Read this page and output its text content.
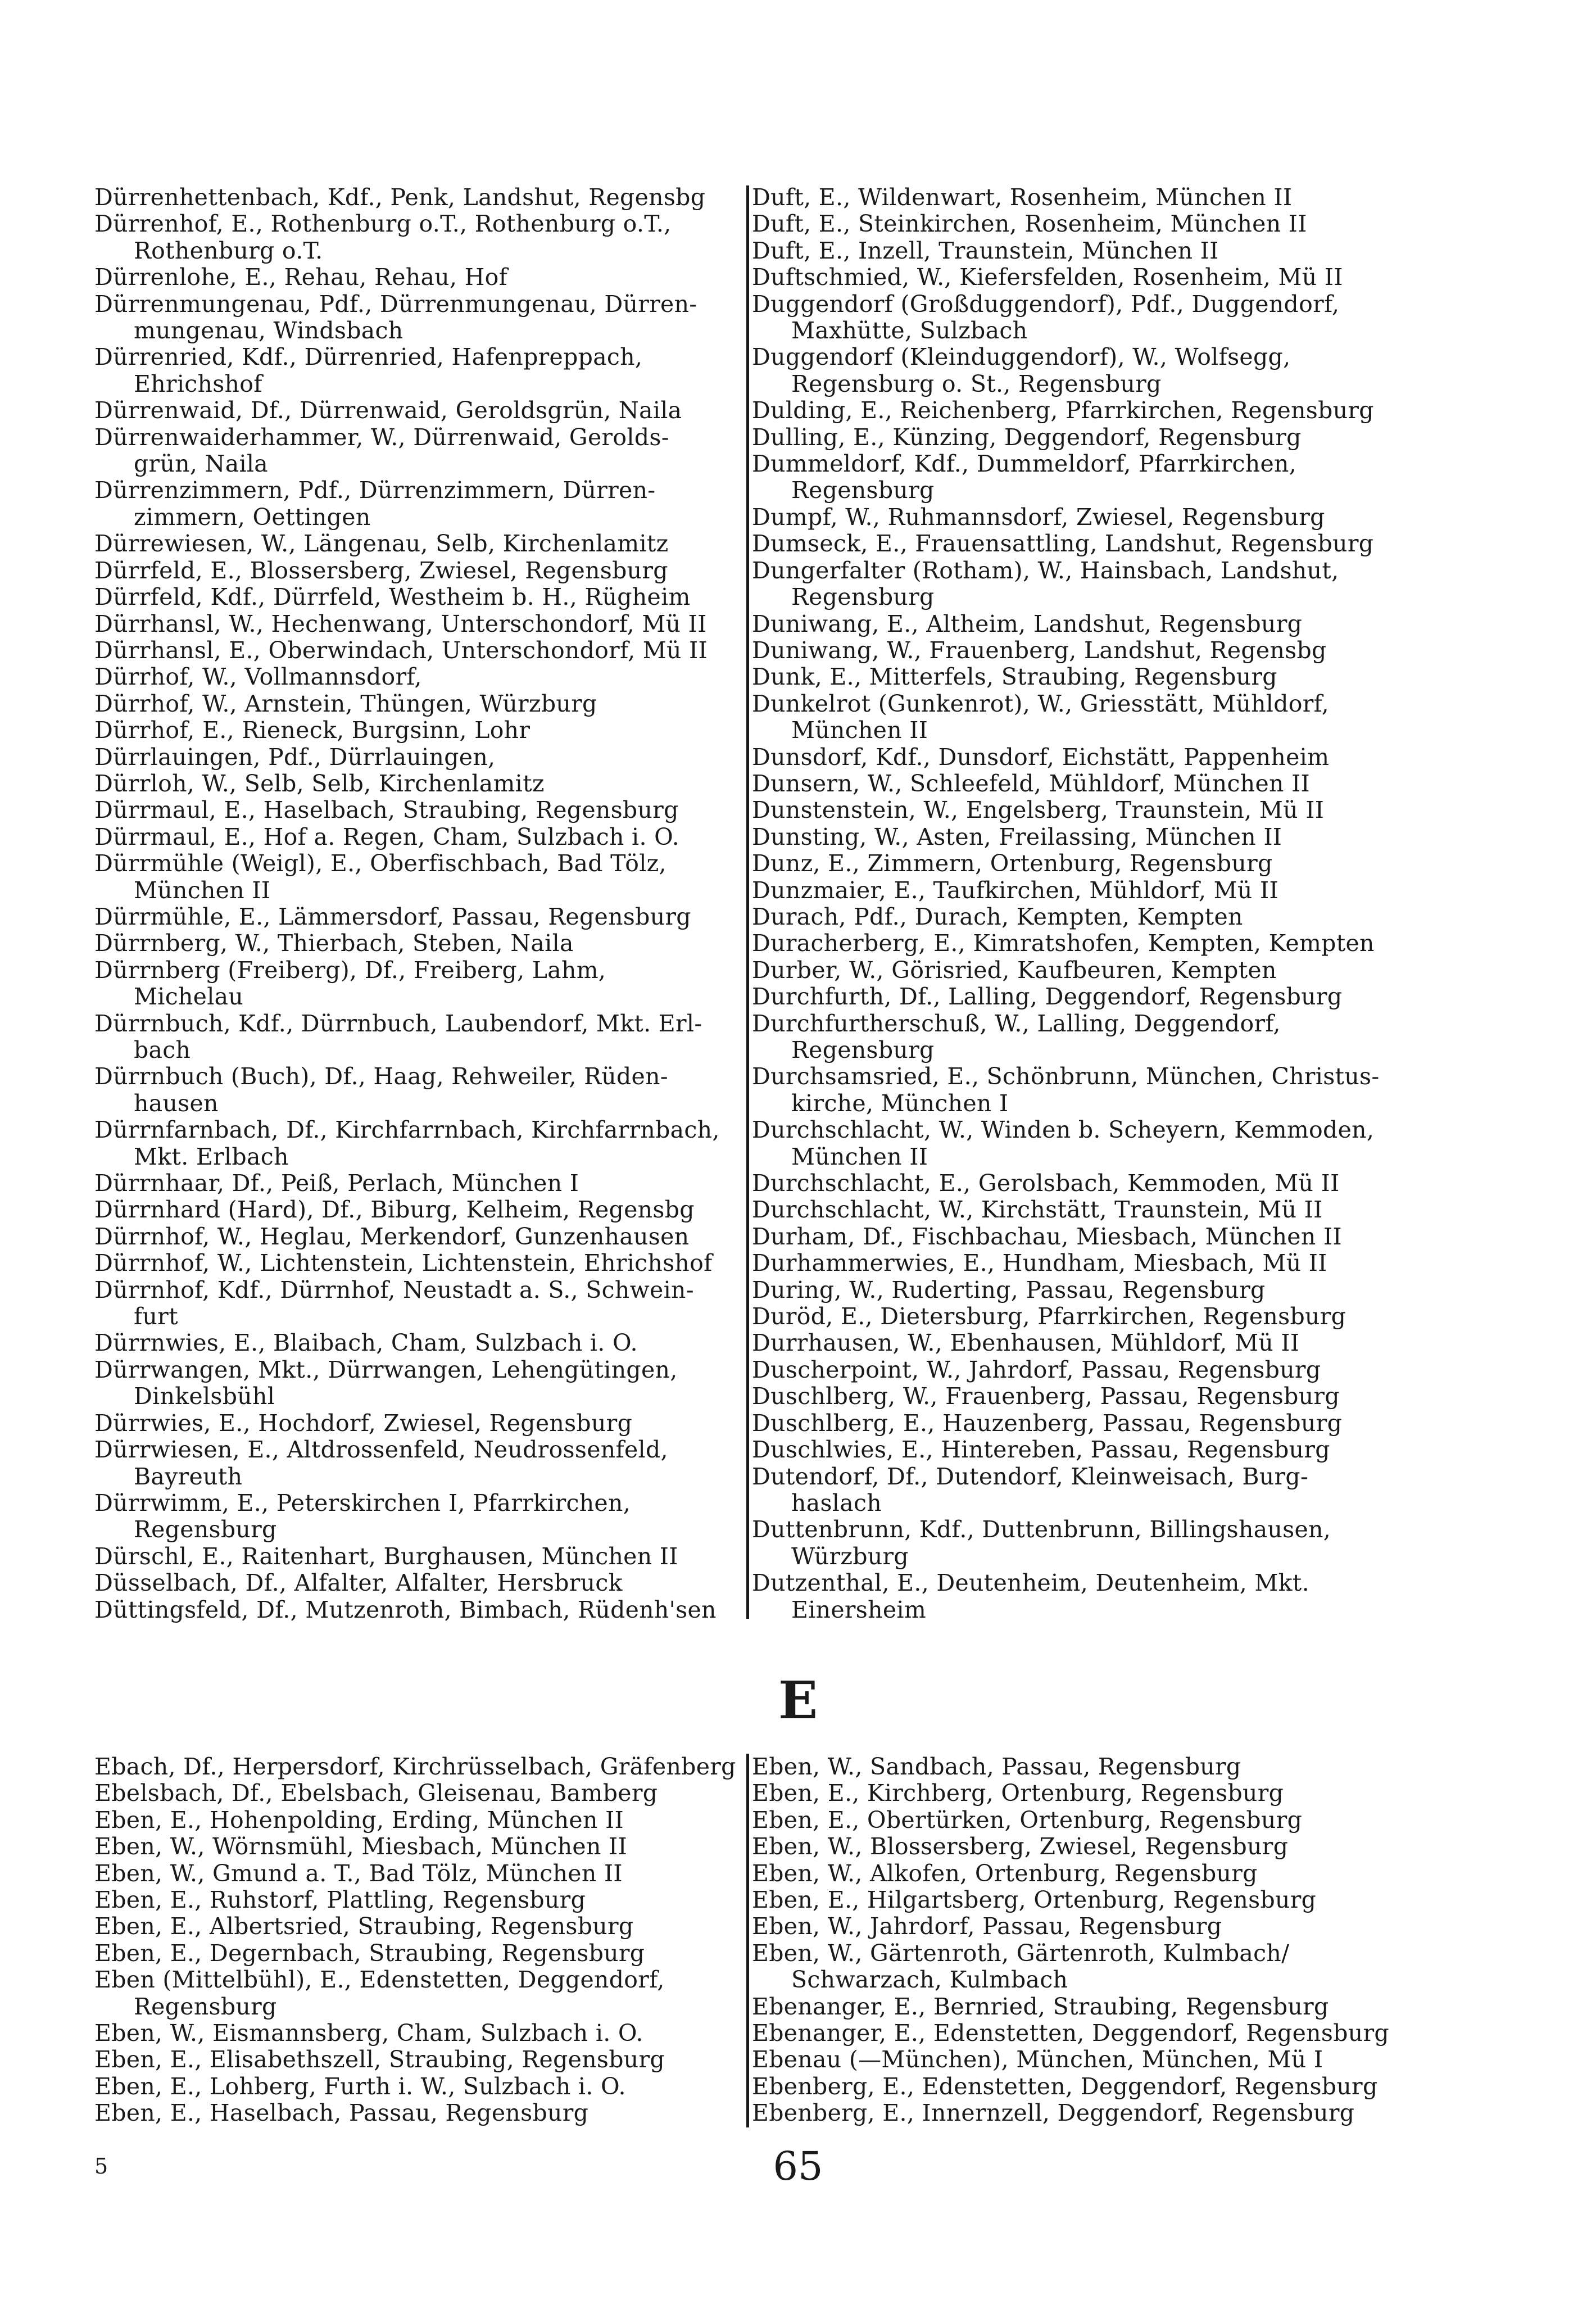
Dürrenhettenbach, Kdf., Penk, Landshut, Regensbg
Dürrenhof, E., Rothenburg o.T., Rothenburg o.T.,
Rothenburg o.T.
Dürrenlohe, E., Rehau, Rehau, Hof
Dürrenmungenau, Pdf., Dürrenmungenau, Dürren-
mungenau, Windsbach
Dürrenried, Kdf., Dürrenried, Hafenpreppach,
Ehrichshof
Dürrenwaid, Df., Dürrenwaid, Geroldsgrün, Naila
Dürrenwaiderhammer, W., Dürrenwaid, Gerolds-
grün, Naila
Dürrenzimmern, Pdf., Dürrenzimmern, Dürren-
zimmern, Oettingen
Dürrewiesen, W., Längenau, Selb, Kirchenlamitz
Dürrfeld, E., Blossersberg, Zwiesel, Regensburg
Dürrfeld, Kdf., Dürrfeld, Westheim b. H., Rügheim
Dürrhansl, W., Hechenwang, Unterschondorf, Mü II
Dürrhansl, E., Oberwindach, Unterschondorf, Mü II
Dürrhof, W., Vollmannsdorf,
Dürrhof, W., Arnstein, Thüngen, Würzburg
Dürrhof, E., Rieneck, Burgsinn, Lohr
Dürrlauingen, Pdf., Dürrlauingen,
Dürrloh, W., Selb, Selb, Kirchenlamitz
Dürrmaul, E., Haselbach, Straubing, Regensburg
Dürrmaul, E., Hof a. Regen, Cham, Sulzbach i. O.
Dürrmühle (Weigl), E., Oberfischbach, Bad Tölz,
München II
Dürrmühle, E., Lämmersdorf, Passau, Regensburg
Dürrnberg, W., Thierbach, Steben, Naila
Dürrnberg (Freiberg), Df., Freiberg, Lahm,
Michelau
Dürrnbuch, Kdf., Dürrnbuch, Laubendorf, Mkt. Erl-
bach
Dürrnbuch (Buch), Df., Haag, Rehweiler, Rüden-
hausen
Dürrnfarnbach, Df., Kirchfarrnbach, Kirchfarrnbach,
Mkt. Erlbach
Dürrnhaar, Df., Peiß, Perlach, München I
Dürrnhard (Hard), Df., Biburg, Kelheim, Regensbg
Dürrnhof, W., Heglau, Merkendorf, Gunzenhausen
Dürrnhof, W., Lichtenstein, Lichtenstein, Ehrichshof
Dürrnhof, Kdf., Dürrnhof, Neustadt a. S., Schwein-
furt
Dürrnwies, E., Blaibach, Cham, Sulzbach i. O.
Dürrwangen, Mkt., Dürrwangen, Lehengütingen,
Dinkelsbühl
Dürrwies, E., Hochdorf, Zwiesel, Regensburg
Dürrwiesen, E., Altdrossenfeld, Neudrossenfeld,
Bayreuth
Dürrwimm, E., Peterskirchen I, Pfarrkirchen,
Regensburg
Dürschl, E., Raitenhart, Burghausen, München II
Düsselbach, Df., Alfalter, Alfalter, Hersbruck
Düttingsfeld, Df., Mutzenroth, Bimbach, Rüdenh'sen
Duft, E., Wildenwart, Rosenheim, München II
Duft, E., Steinkirchen, Rosenheim, München II
Duft, E., Inzell, Traunstein, München II
Duftschmied, W., Kiefersfelden, Rosenheim, Mü II
Duggendorf (Großduggendorf), Pdf., Duggendorf,
Maxhütte, Sulzbach
Duggendorf (Kleinduggendorf), W., Wolfsegg,
Regensburg o. St., Regensburg
Dulding, E., Reichenberg, Pfarrkirchen, Regensburg
Dulling, E., Künzing, Deggendorf, Regensburg
Dummeldorf, Kdf., Dummeldorf, Pfarrkirchen,
Regensburg
Dumpf, W., Ruhmannsdorf, Zwiesel, Regensburg
Dumseck, E., Frauensattling, Landshut, Regensburg
Dungerfalter (Rotham), W., Hainsbach, Landshut,
Regensburg
Duniwang, E., Altheim, Landshut, Regensburg
Duniwang, W., Frauenberg, Landshut, Regensbg
Dunk, E., Mitterfels, Straubing, Regensburg
Dunkelrot (Gunkenrot), W., Griesstätt, Mühldorf,
München II
Dunsdorf, Kdf., Dunsdorf, Eichstätt, Pappenheim
Dunsern, W., Schleefeld, Mühldorf, München II
Dunstenstein, W., Engelsberg, Traunstein, Mü II
Dunsting, W., Asten, Freilassing, München II
Dunz, E., Zimmern, Ortenburg, Regensburg
Dunzmaier, E., Taufkirchen, Mühldorf, Mü II
Durach, Pdf., Durach, Kempten, Kempten
Duracherberg, E., Kimratshofen, Kempten, Kempten
Durber, W., Görisried, Kaufbeuren, Kempten
Durchfurth, Df., Lalling, Deggendorf, Regensburg
Durchfurtherschuß, W., Lalling, Deggendorf,
Regensburg
Durchsamsried, E., Schönbrunn, München, Christus-
kirche, München I
Durchschlacht, W., Winden b. Scheyern, Kemmoden,
München II
Durchschlacht, E., Gerolsbach, Kemmoden, Mü II
Durchschlacht, W., Kirchstätt, Traunstein, Mü II
Durham, Df., Fischbachau, Miesbach, München II
Durhammerwies, E., Hundham, Miesbach, Mü II
During, W., Ruderting, Passau, Regensburg
Duröd, E., Dietersburg, Pfarrkirchen, Regensburg
Durrhausen, W., Ebenhausen, Mühldorf, Mü II
Duscherpoint, W., Jahrdorf, Passau, Regensburg
Duschlberg, W., Frauenberg, Passau, Regensburg
Duschlberg, E., Hauzenberg, Passau, Regensburg
Duschlwies, E., Hintereben, Passau, Regensburg
Dutendorf, Df., Dutendorf, Kleinweisach, Burg-
haslach
Duttenbrunn, Kdf., Duttenbrunn, Billingshausen,
Würzburg
Dutzenthal, E., Deutenheim, Deutenheim, Mkt.
Einersheim
E
Ebach, Df., Herpersdorf, Kirchrüsselbach, Gräfenberg
Ebelsbach, Df., Ebelsbach, Gleisenau, Bamberg
Eben, E., Hohenpolding, Erding, München II
Eben, W., Wörnsmühl, Miesbach, München II
Eben, W., Gmund a. T., Bad Tölz, München II
Eben, E., Ruhstorf, Plattling, Regensburg
Eben, E., Albertsried, Straubing, Regensburg
Eben, E., Degernbach, Straubing, Regensburg
Eben (Mittelbühl), E., Edenstetten, Deggendorf,
Regensburg
Eben, W., Eismannsberg, Cham, Sulzbach i. O.
Eben, E., Elisabethszell, Straubing, Regensburg
Eben, E., Lohberg, Furth i. W., Sulzbach i. O.
Eben, E., Haselbach, Passau, Regensburg
Eben, W., Sandbach, Passau, Regensburg
Eben, E., Kirchberg, Ortenburg, Regensburg
Eben, E., Obertürken, Ortenburg, Regensburg
Eben, W., Blossersberg, Zwiesel, Regensburg
Eben, W., Alkofen, Ortenburg, Regensburg
Eben, E., Hilgartsberg, Ortenburg, Regensburg
Eben, W., Jahrdorf, Passau, Regensburg
Eben, W., Gärtenroth, Gärtenroth, Kulmbach/
Schwarzach, Kulmbach
Ebenanger, E., Bernried, Straubing, Regensburg
Ebenanger, E., Edenstetten, Deggendorf, Regensburg
Ebenau (—München), München, München, Mü I
Ebenberg, E., Edenstetten, Deggendorf, Regensburg
Ebenberg, E., Innernzell, Deggendorf, Regensburg
5	65
